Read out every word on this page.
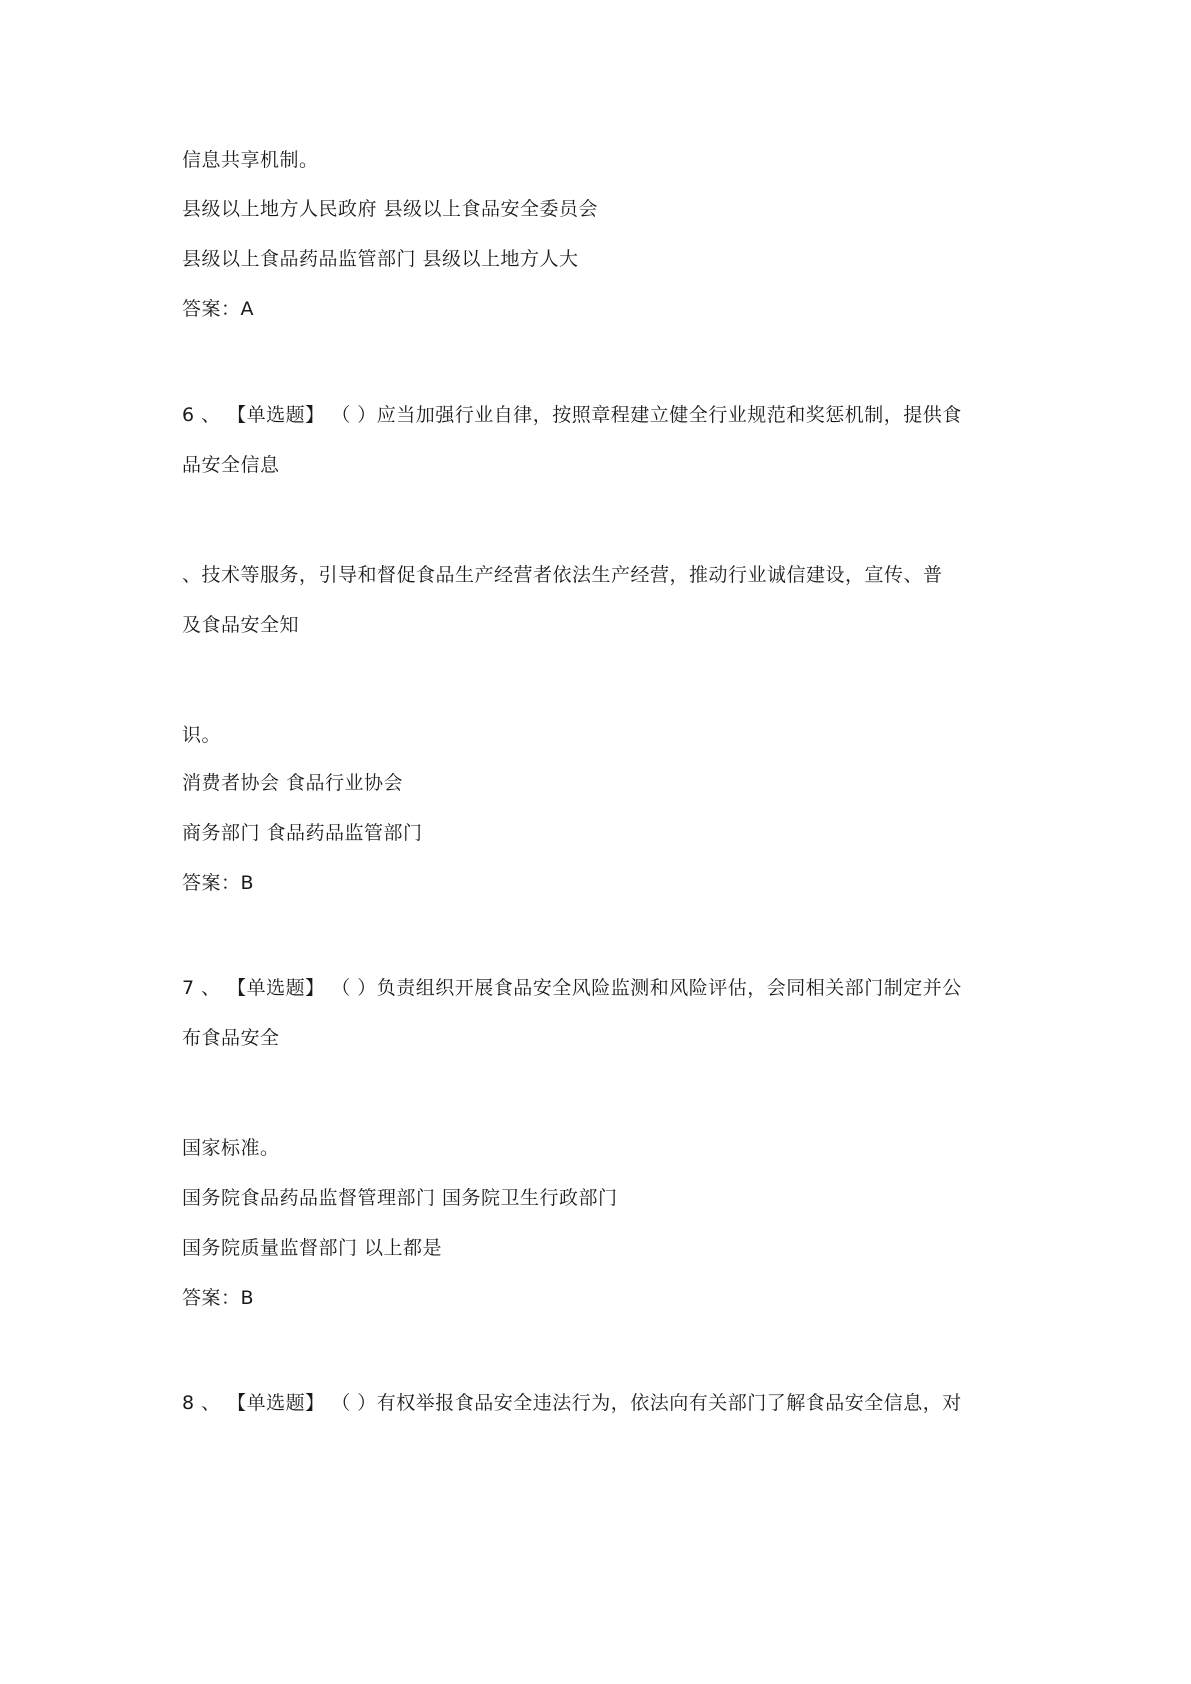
信息共享机制。
县级以上地方人民政府 县级以上食品安全委员会
县级以上食品药品监管部门 县级以上地方人大
答案：A
6 、 【单选题】 （ ）应当加强行业自律，按照章程建立健全行业规范和奖惩机制，提供食
品安全信息
、技术等服务，引导和督促食品生产经营者依法生产经营，推动行业诚信建设，宣传、普
及食品安全知
识。
消费者协会 食品行业协会
商务部门 食品药品监管部门
答案：B
7 、 【单选题】 （ ）负责组织开展食品安全风险监测和风险评估，会同相关部门制定并公
布食品安全
国家标准。
国务院食品药品监督管理部门 国务院卫生行政部门
国务院质量监督部门 以上都是
答案：B
8 、 【单选题】 （ ）有权举报食品安全违法行为，依法向有关部门了解食品安全信息，对
